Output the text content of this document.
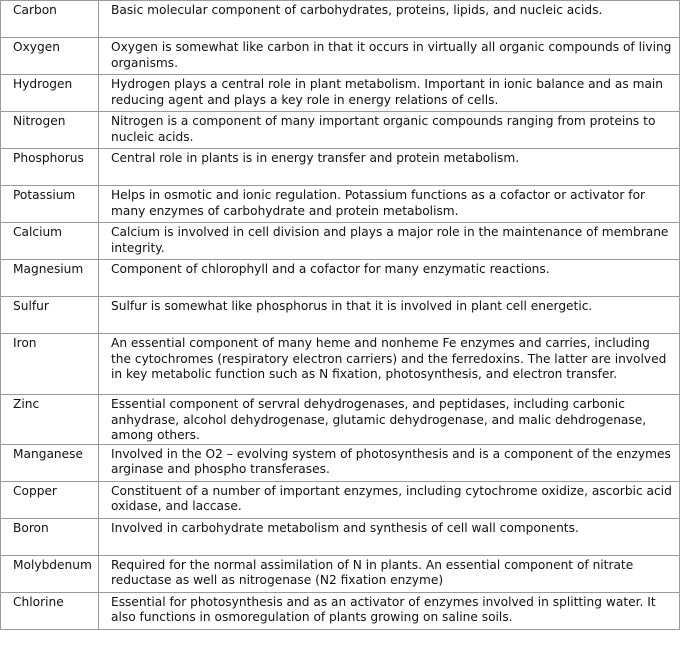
Carbon	Basic molecular component of carbohydrates, proteins, lipids, and nucleic acids.
Oxygen	Oxygen is somewhat like carbon in that it occurs in virtually all organic compounds of living organisms.
Hydrogen	Hydrogen plays a central role in plant metabolism. Important in ionic balance and as main reducing agent and plays a key role in energy relations of cells.
Nitrogen	Nitrogen is a component of many important organic compounds ranging from proteins to nucleic acids.
Phosphorus	Central role in plants is in energy transfer and protein metabolism.
Potassium	Helps in osmotic and ionic regulation. Potassium functions as a cofactor or activator for many enzymes of carbohydrate and protein metabolism.
Calcium	Calcium is involved in cell division and plays a major role in the maintenance of membrane integrity.
Magnesium	Component of chlorophyll and a cofactor for many enzymatic reactions.
Sulfur	Sulfur is somewhat like phosphorus in that it is involved in plant cell energetic.
Iron	An essential component of many heme and nonheme Fe enzymes and carries, including the cytochromes (respiratory electron carriers) and the ferredoxins. The latter are involved in key metabolic function such as N fixation, photosynthesis, and electron transfer.
Zinc	Essential component of servral dehydrogenases, and peptidases, including carbonic anhydrase, alcohol dehydrogenase, glutamic dehydrogenase, and malic dehdrogenase, among others.
Manganese	Involved in the O2 – evolving system of photosynthesis and is a component of the enzymes arginase and phospho transferases.
Copper	Constituent of a number of important enzymes, including cytochrome oxidize, ascorbic acid oxidase, and laccase.
Boron	Involved in carbohydrate metabolism and synthesis of cell wall components.
Molybdenum	Required for the normal assimilation of N in plants. An essential component of nitrate reductase as well as nitrogenase (N2 fixation enzyme)
Chlorine	Essential for photosynthesis and as an activator of enzymes involved in splitting water. It also functions in osmoregulation of plants growing on saline soils.
